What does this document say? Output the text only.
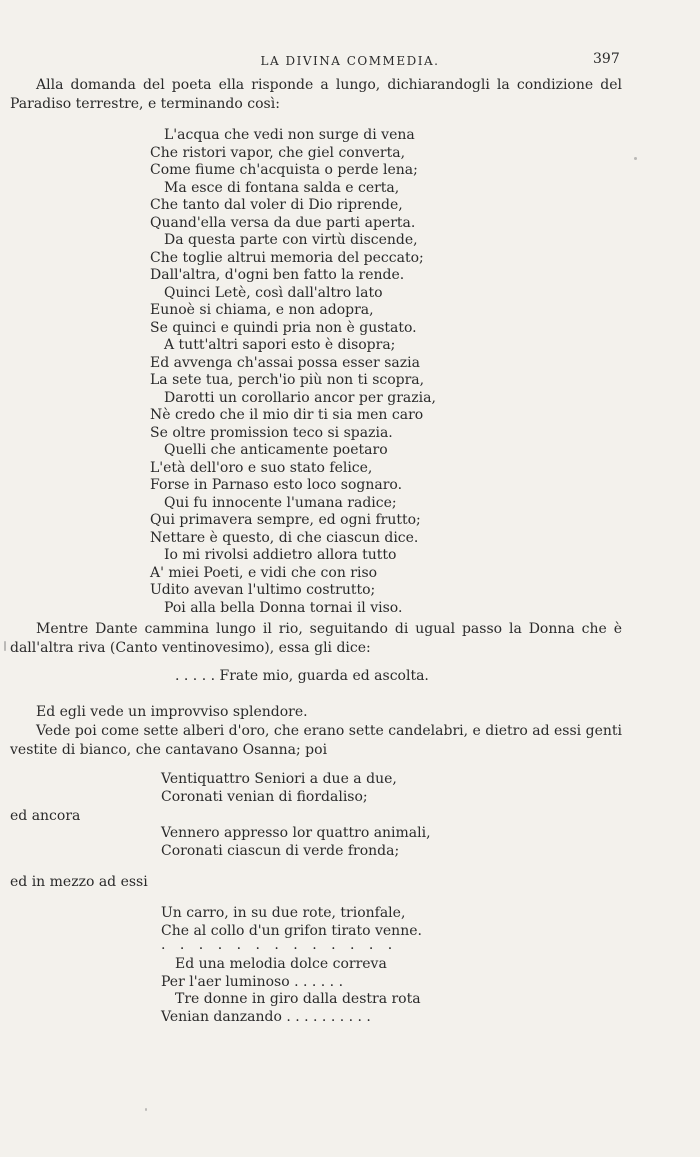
LA DIVINA COMMEDIA.	397

Alla domanda del poeta ella risponde a lungo, dichiarandogli la condizione del Paradiso terrestre, e terminando così:

L'acqua che vedi non surge di vena
Che ristori vapor, che giel converta,
Come fiume ch'acquista o perde lena;
Ma esce di fontana salda e certa,
Che tanto dal voler di Dio riprende,
Quand'ella versa da due parti aperta.
Da questa parte con virtù discende,
Che toglie altrui memoria del peccato;
Dall'altra, d'ogni ben fatto la rende.
Quinci Letè, così dall'altro lato
Eunoè si chiama, e non adopra,
Se quinci e quindi pria non è gustato.
A tutt'altri sapori esto è disopra;
Ed avvenga ch'assai possa esser sazia
La sete tua, perch'io più non ti scopra,
Darotti un corollario ancor per grazia,
Nè credo che il mio dir ti sia men caro
Se oltre promission teco si spazia.
Quelli che anticamente poetaro
L'età dell'oro e suo stato felice,
Forse in Parnaso esto loco sognaro.
Qui fu innocente l'umana radice;
Qui primavera sempre, ed ogni frutto;
Nettare è questo, di che ciascun dice.
Io mi rivolsi addietro allora tutto
A' miei Poeti, e vidi che con riso
Udito avevan l'ultimo costrutto;
Poi alla bella Donna tornai il viso.

Mentre Dante cammina lungo il rio, seguitando di ugual passo la Donna che è dall'altra riva (Canto ventinovesimo), essa gli dice:

. . . . . Frate mio, guarda ed ascolta.

Ed egli vede un improvviso splendore.

Vede poi come sette alberi d'oro, che erano sette candelabri, e dietro ad essi genti vestite di bianco, che cantavano Osanna; poi

Ventiquattro Seniori a due a due,
Coronati venian di fiordaliso;
ed ancora
Vennero appresso lor quattro animali,
Coronati ciascun di verde fronda;
ed in mezzo ad essi
Un carro, in su due rote, trionfale,
Che al collo d'un grifon tirato venne.
. . . . . . . . . . . . .
Ed una melodia dolce correva
Per l'aer luminoso . . . . . .
Tre donne in giro dalla destra rota
Venian danzando . . . . . . . . . .
